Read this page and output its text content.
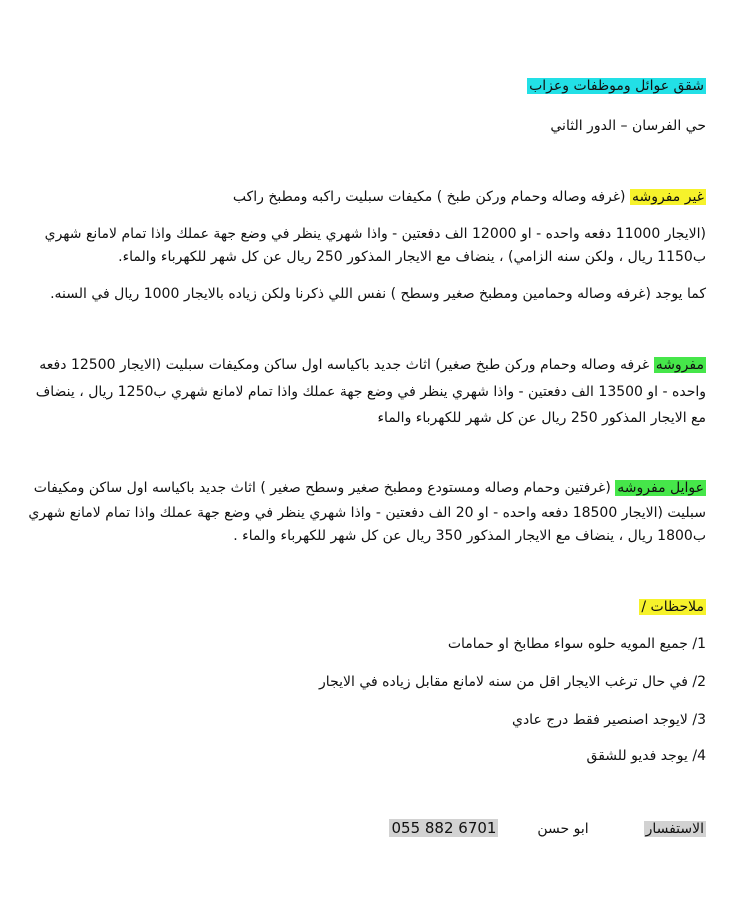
شقق عوائل وموظفات وعزاب
حي الفرسان – الدور الثاني
غير مفروشه (غرفه وصاله وحمام وركن طبخ ) مكيفات سبليت راكبه ومطبخ راكب
(الايجار 11000 دفعه واحده - او 12000 الف دفعتين - واذا شهري ينظر في وضع جهة عملك واذا تمام لامانع شهري
ب1150 ريال ، ولكن سنه الزامي) ، ينضاف مع الايجار المذكور 250 ريال عن كل شهر للكهرباء والماء.
كما يوجد (غرفه وصاله وحمامين ومطبخ صغير وسطح ) نفس اللي ذكرنا ولكن زياده بالايجار 1000 ريال في السنه.
مفروشه غرفه وصاله وحمام وركن طبخ صغير) اثاث جديد باكياسه اول ساكن ومكيفات سبليت (الايجار 12500 دفعه
واحده - او 13500 الف دفعتين - واذا شهري ينظر في وضع جهة عملك واذا تمام لامانع شهري ب1250 ريال ، ينضاف
مع الايجار المذكور 250 ريال عن كل شهر للكهرباء والماء
عوايل مفروشه (غرفتين وحمام وصاله ومستودع ومطبخ صغير وسطح صغير ) اثاث جديد باكياسه اول ساكن ومكيفات
سبليت (الايجار 18500 دفعه واحده - او 20 الف دفعتين - واذا شهري ينظر في وضع جهة عملك واذا تمام لامانع شهري
ب1800 ريال ، ينضاف مع الايجار المذكور 350 ريال عن كل شهر للكهرباء والماء .
ملاحظات /
1/ جميع المويه حلوه سواء مطابخ او حمامات
2/ في حال ترغب الايجار اقل من سنه لامانع مقابل زياده في الايجار
3/ لايوجد اصنصير فقط درج عادي
4/ يوجد فديو للشقق
الاستفسار  ابو حسن  055 882 6701
